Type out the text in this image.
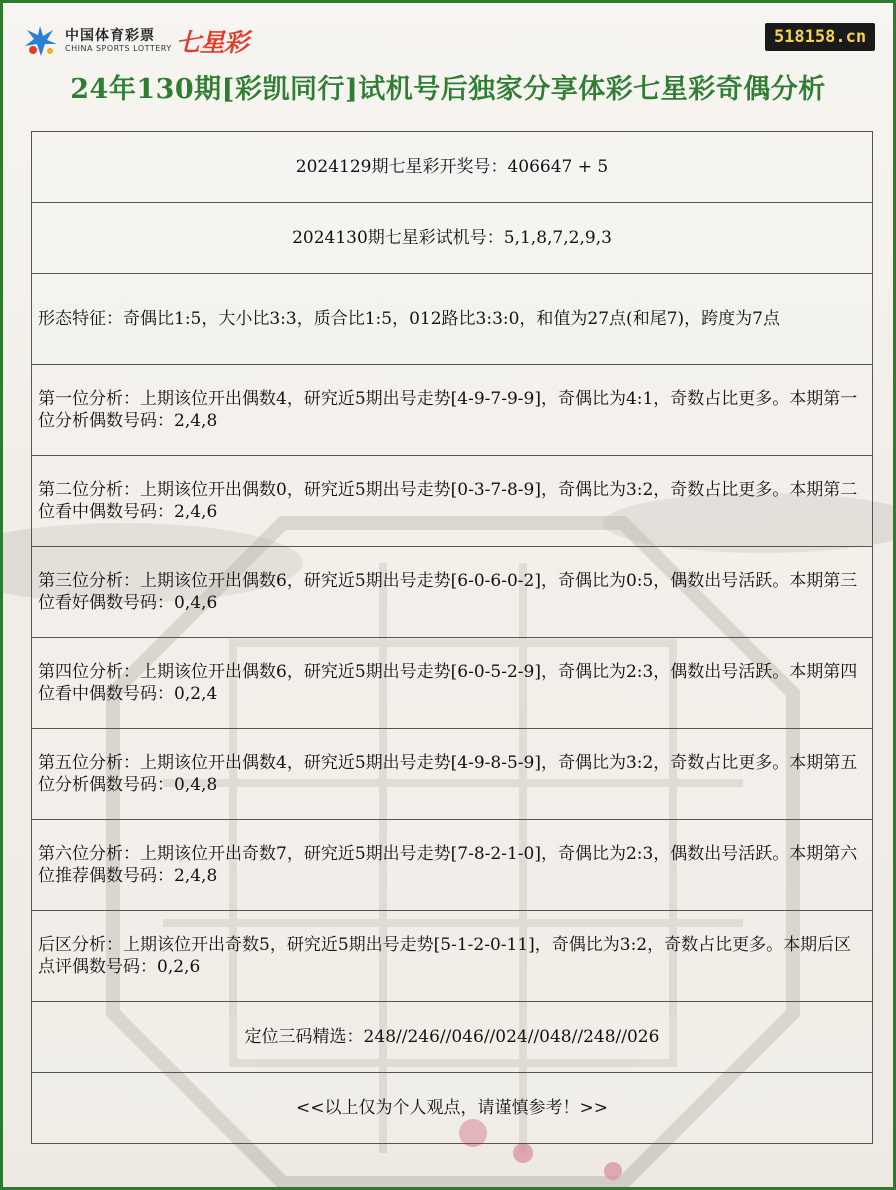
中国体育彩票
CHINA SPORTS LOTTERY 七星彩	518158.cn
24年130期[彩凯同行]试机号后独家分享体彩七星彩奇偶分析
2024129期七星彩开奖号：406647 + 5
2024130期七星彩试机号：5,1,8,7,2,9,3
形态特征：奇偶比1:5，大小比3:3，质合比1:5，012路比3:3:0，和值为27点(和尾7)，跨度为7点
第一位分析：上期该位开出偶数4，研究近5期出号走势[4-9-7-9-9]，奇偶比为4:1，奇数占比更多。本期第一位分析偶数号码：2,4,8
第二位分析：上期该位开出偶数0，研究近5期出号走势[0-3-7-8-9]，奇偶比为3:2，奇数占比更多。本期第二位看中偶数号码：2,4,6
第三位分析：上期该位开出偶数6，研究近5期出号走势[6-0-6-0-2]，奇偶比为0:5，偶数出号活跃。本期第三位看好偶数号码：0,4,6
第四位分析：上期该位开出偶数6，研究近5期出号走势[6-0-5-2-9]，奇偶比为2:3，偶数出号活跃。本期第四位看中偶数号码：0,2,4
第五位分析：上期该位开出偶数4，研究近5期出号走势[4-9-8-5-9]，奇偶比为3:2，奇数占比更多。本期第五位分析偶数号码：0,4,8
第六位分析：上期该位开出奇数7，研究近5期出号走势[7-8-2-1-0]，奇偶比为2:3，偶数出号活跃。本期第六位推荐偶数号码：2,4,8
后区分析：上期该位开出奇数5，研究近5期出号走势[5-1-2-0-11]，奇偶比为3:2，奇数占比更多。本期后区点评偶数号码：0,2,6
定位三码精选：248//246//046//024//048//248//026
<<以上仅为个人观点，请谨慎参考！>>
